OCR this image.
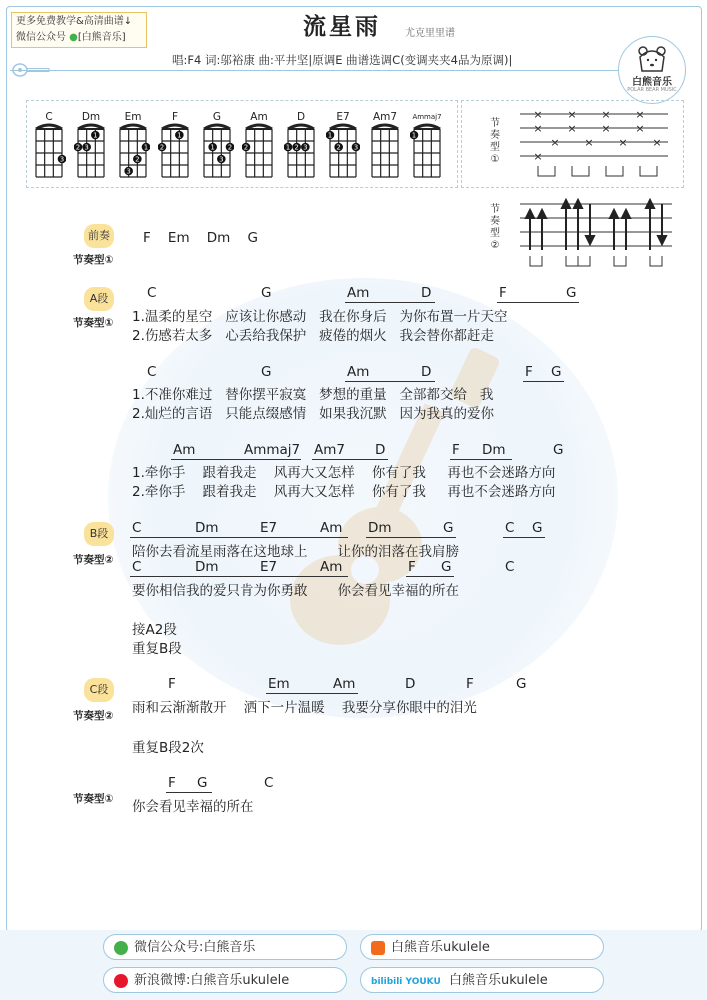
更多免费教学&高清曲谱↓
微信公众号 ●[白熊音乐]	流星雨 尤克里里谱
唱:F4 词:邬裕康 曲:平井坚|原调E 曲谱选调C(变调夹夹4品为原调)|
白熊音乐
POLAR BEAR MUSIC
C
3
Dm
2 3
1
Em
3
2
1
F
2
1
G
1
3
2
Am
2
D
1 2 3
E7
1
2 3
Am7	Ammaj7
1
节
奏
型
①
× × × ×
× × × ×
× × × ×
×
节
奏
型
②
前奏
节奏型①
F    Em    Dm    G
A段
节奏型①
C	G	Am	D	F	G
1.温柔的星空   应该让你感动   我在你身后   为你布置一片天空
2.伤感若太多   心丢给我保护   疲倦的烟火   我会替你都赶走
C	G	Am	D	F G
1.不准你难过   替你摆平寂寞   梦想的重量   全部都交给   我
2.灿烂的言语   只能点缀感情   如果我沉默   因为我真的爱你
Am	Ammaj7 Am7 D	F Dm	G
1.牵你手    跟着我走    风再大又怎样    你有了我     再也不会迷路方向
2.牵你手    跟着我走    风再大又怎样    你有了我     再也不会迷路方向
B段
节奏型②
C	Dm	E7	Am Dm	G	C G
陪你去看流星雨落在这地球上       让你的泪落在我肩膀
C	Dm	E7	Am	F G	C
要你相信我的爱只肯为你勇敢       你会看见幸福的所在
接A2段
重复B段
C段
节奏型②
F	Em	Am	D	F	G
雨和云渐渐散开    洒下一片温暖    我要分享你眼中的泪光
重复B段2次
节奏型①
F G	C
你会看见幸福的所在
微信公众号:白熊音乐	白熊音乐ukulele
新浪微博:白熊音乐ukulele	bilibili YOUKU 白熊音乐ukulele
